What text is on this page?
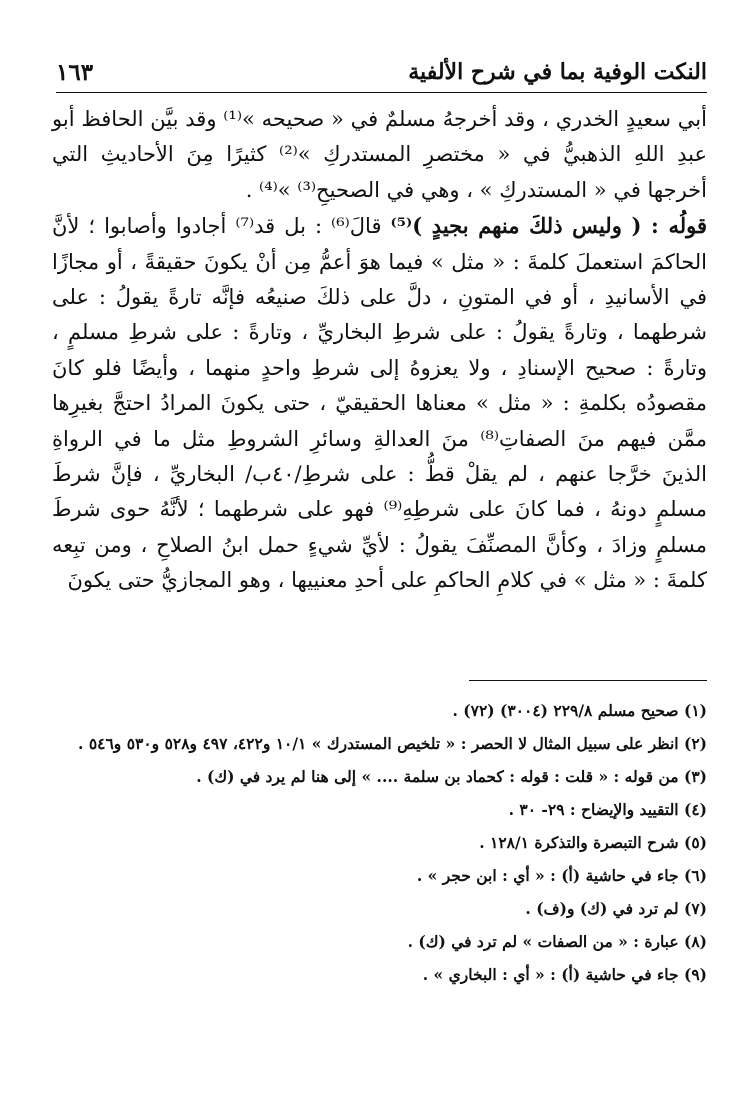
النكت الوفية بما في شرح الألفية
١٦٣

أبي سعيدٍ الخدري ، وقد أخرجهُ مسلمٌ في « صحيحه »⁽¹⁾ وقد بيَّن الحافظ أبو عبدِ اللهِ الذهبيُّ في « مختصرِ المستدركِ »⁽²⁾ كثيرًا مِنَ الأحاديثِ التي أخرجها في « المستدركِ » ، وهي في الصحيحِ⁽³⁾ »⁽⁴⁾ .

قولُه : ( وليس ذلكَ منهم بجيدٍ )⁽⁵⁾ قالَ⁽⁶⁾ : بل قد⁽⁷⁾ أجادوا وأصابوا ؛ لأنَّ الحاكمَ استعملَ كلمةَ : « مثل » فيما هوَ أعمُّ مِن أنْ يكونَ حقيقةً ، أو مجازًا في الأسانيدِ ، أو في المتونِ ، دلَّ على ذلكَ صنيعُه فإنَّه تارةً يقولُ : على شرطهما ، وتارةً يقولُ : على شرطِ البخاريِّ ، وتارةً : على شرطِ مسلمٍ ، وتارةً : صحيح الإسنادِ ، ولا يعزوهُ إلى شرطِ واحدٍ منهما ، وأيضًا فلو كانَ مقصودُه بكلمةِ : « مثل » معناها الحقيقيّ ، حتى يكونَ المرادُ احتجَّ بغيرِها ممَّن فيهم منَ الصفاتِ⁽⁸⁾ منَ العدالةِ وسائرِ الشروطِ مثل ما في الرواةِ الذينَ خرَّجا عنهم ، لم يقلْ قطُّ : على شرطِ/٤٠ب/ البخاريِّ ، فإنَّ شرطَ مسلمٍ دونهُ ، فما كانَ على شرطِهِ⁽⁹⁾ فهو على شرطهما ؛ لأنَّهُ حوى شرطَ مسلمٍ وزادَ ، وكأنَّ المصنِّفَ يقولُ : لأيِّ شيءٍ حمل ابنُ الصلاحِ ، ومن تبِعه كلمةَ : « مثل » في كلامِ الحاكمِ على أحدِ معنييها ، وهو المجازيُّ حتى يكونَ

(١) صحيح مسلم ٢٢٩/٨ (٣٠٠٤) (٧٢) .

(٢) انظر على سبيل المثال لا الحصر : « تلخيص المستدرك » ١٠/١ و٤٢٢، ٤٩٧ و٥٢٨ و٥٣٠ و٥٤٦ .

(٣) من قوله : « قلت : قوله : كحماد بن سلمة .... » إلى هنا لم يرد في (ك) .

(٤) التقييد والإيضاح : ٢٩- ٣٠ .

(٥) شرح التبصرة والتذكرة ١٢٨/١ .

(٦) جاء في حاشية (أ) : « أي : ابن حجر » .

(٧) لم ترد في (ك) و(ف) .

(٨) عبارة : « من الصفات » لم ترد في (ك) .

(٩) جاء في حاشية (أ) : « أي : البخاري » .
